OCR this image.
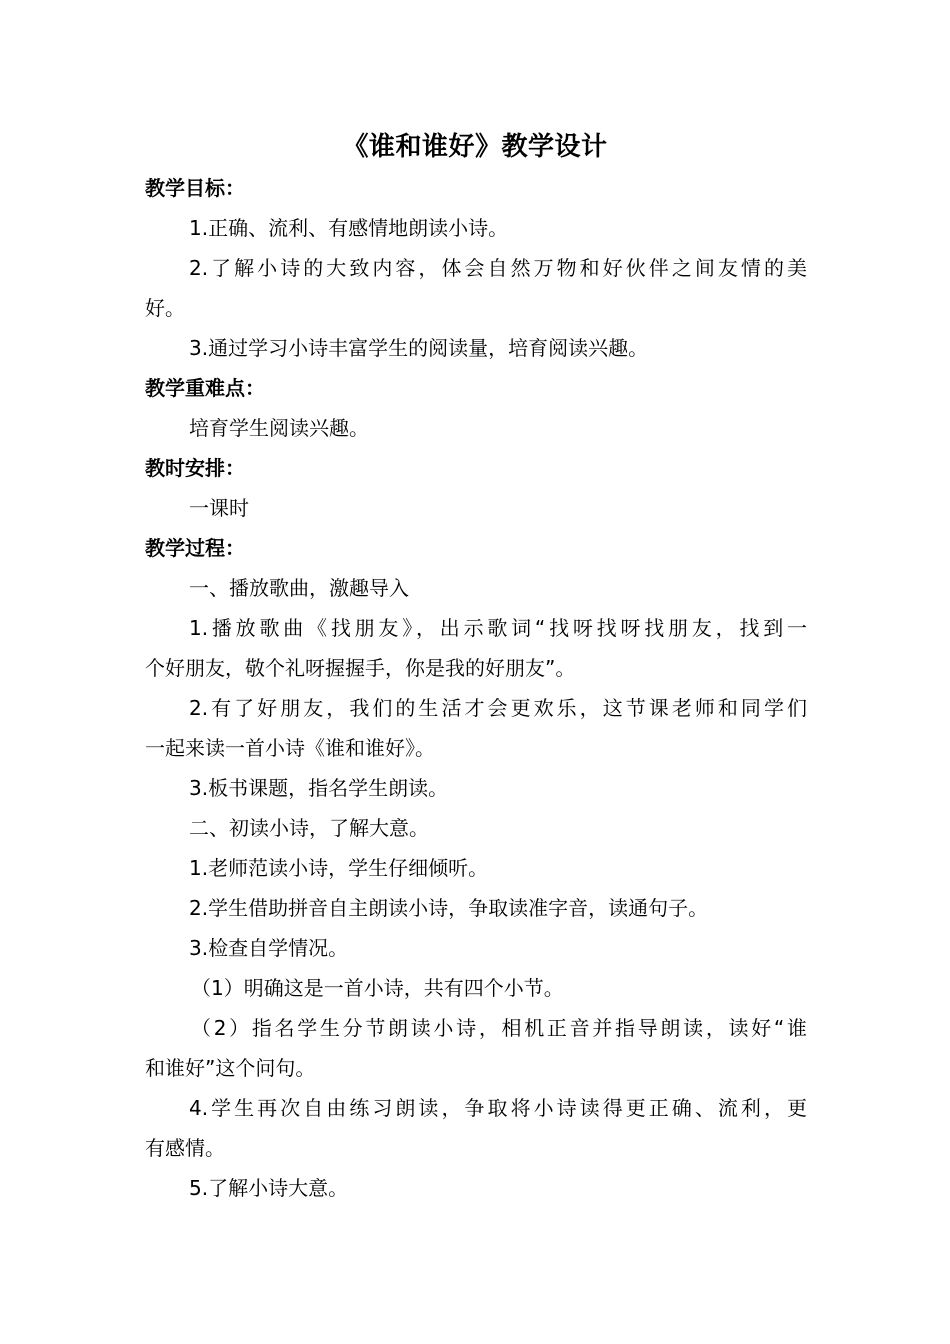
《谁和谁好》教学设计
教学目标：
1.正确、流利、有感情地朗读小诗。
2.了解小诗的大致内容，体会自然万物和好伙伴之间友情的美
好。
3.通过学习小诗丰富学生的阅读量，培育阅读兴趣。
教学重难点：
培育学生阅读兴趣。
教时安排：
一课时
教学过程：
一、播放歌曲，激趣导入
1.播放歌曲《找朋友》，出示歌词“找呀找呀找朋友，找到一
个好朋友，敬个礼呀握握手，你是我的好朋友”。
2.有了好朋友，我们的生活才会更欢乐，这节课老师和同学们
一起来读一首小诗《谁和谁好》。
3.板书课题，指名学生朗读。
二、初读小诗，了解大意。
1.老师范读小诗，学生仔细倾听。
2.学生借助拼音自主朗读小诗，争取读准字音，读通句子。
3.检查自学情况。
（1）明确这是一首小诗，共有四个小节。
（2）指名学生分节朗读小诗，相机正音并指导朗读，读好“谁
和谁好”这个问句。
4.学生再次自由练习朗读，争取将小诗读得更正确、流利，更
有感情。
5.了解小诗大意。
